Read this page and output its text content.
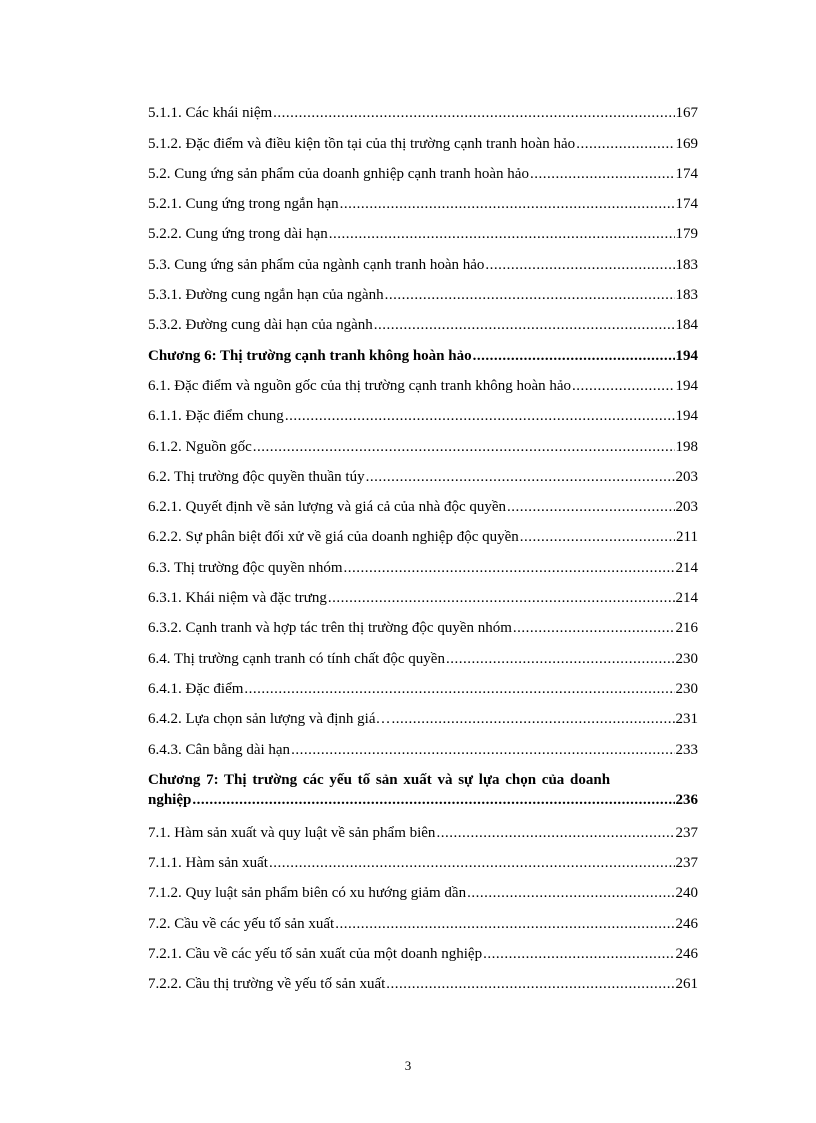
5.1.1. Các khái niệm .....	167
5.1.2. Đặc điểm và điều kiện tồn tại của thị trường cạnh tranh hoàn hảo .....	169
5.2. Cung ứng sản phẩm của doanh gnhiệp cạnh tranh hoàn hảo .....	174
5.2.1. Cung ứng trong ngắn hạn .....	174
5.2.2. Cung ứng trong dài hạn .....	179
5.3. Cung ứng sản phẩm của ngành cạnh tranh hoàn hảo .....	183
5.3.1. Đường cung ngắn hạn của ngành .....	183
5.3.2. Đường cung dài hạn của ngành .....	184
Chương 6: Thị trường cạnh tranh không hoàn hảo .....	194
6.1. Đặc điểm và nguồn gốc của thị trường cạnh tranh không hoàn hảo .....	194
6.1.1. Đặc điểm chung .....	194
6.1.2. Nguồn gốc .....	198
6.2. Thị trường độc quyền thuần túy .....	203
6.2.1. Quyết định về sản lượng và giá cả của nhà độc quyền .....	203
6.2.2. Sự phân biệt đối xử về giá của doanh nghiệp độc quyền .....	211
6.3. Thị trường độc quyền nhóm .....	214
6.3.1. Khái niệm và đặc trưng .....	214
6.3.2. Cạnh tranh và hợp tác trên thị trường độc quyền nhóm .....	216
6.4. Thị trường cạnh tranh có tính chất độc quyền .....	230
6.4.1. Đặc điểm .....	230
6.4.2. Lựa chọn sản lượng và định giá… .....	231
6.4.3. Cân bằng dài hạn .....	233
Chương 7: Thị trường các yếu tố sản xuất và sự lựa chọn của doanh
nghiệp .....	236
7.1. Hàm sản xuất và quy luật về sản phẩm biên .....	237
7.1.1. Hàm sản xuất .....	237
7.1.2. Quy luật sản phẩm biên có xu hướng giảm dần .....	240
7.2. Cầu về các yếu tố sản xuất .....	246
7.2.1. Cầu về các yếu tố sản xuất của một doanh nghiệp .....	246
7.2.2. Cầu thị trường về yếu tố sản xuất .....	261
3
